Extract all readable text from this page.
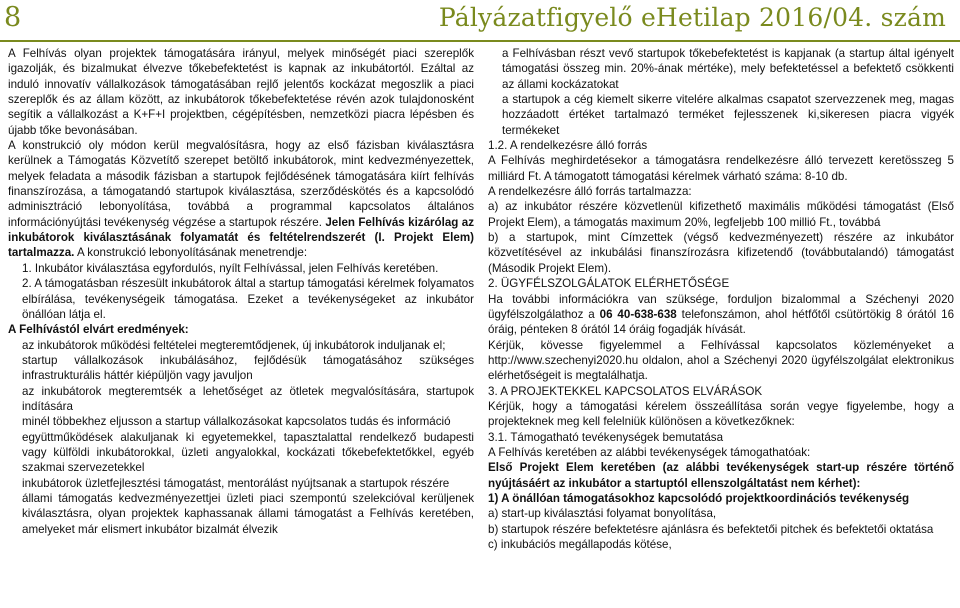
8	Pályázatfigyelő eHetilap 2016/04. szám

A Felhívás olyan projektek támogatására irányul, melyek minőségét piaci szereplők igazolják, és bizalmukat élvezve tőkebefektetést is kapnak az inkubátortól. Ezáltal az induló innovatív vállalkozások támogatásában rejlő jelentős kockázat megoszlik a piaci szereplők és az állam között, az inkubátorok tőkebefektetése révén azok tulajdonosként segítik a vállalkozást a K+F+I projektben, cégépítésben, nemzetközi piacra lépésben és újabb tőke bevonásában.

A konstrukció oly módon kerül megvalósításra, hogy az első fázisban kiválasztásra kerülnek a Támogatás Közvetítő szerepet betöltő inkubátorok, mint kedvezményezettek, melyek feladata a második fázisban a startupok fejlődésének támogatására kiírt felhívás finanszírozása, a támogatandó startupok kiválasztása, szerződéskötés és a kapcsolódó adminisztráció lebonyolítása, továbbá a programmal kapcsolatos általános információnyújtási tevékenység végzése a startupok részére. Jelen Felhívás kizárólag az inkubátorok kiválasztásának folyamatát és feltételrendszerét (I. Projekt Elem) tartalmazza. A konstrukció lebonyolításának menetrendje:

1. Inkubátor kiválasztása egyfordulós, nyílt Felhívással, jelen Felhívás keretében.

2. A támogatásban részesült inkubátorok által a startup támogatási kérelmek folyamatos elbírálása, tevékenységeik támogatása. Ezeket a tevékenységeket az inkubátor önállóan látja el.

A Felhívástól elvárt eredmények:

az inkubátorok működési feltételei megteremtődjenek, új inkubátorok induljanak el;

startup vállalkozások inkubálásához, fejlődésük támogatásához szükséges infrastrukturális háttér kiépüljön vagy javuljon

az inkubátorok megteremtsék a lehetőséget az ötletek megvalósítására, startupok indítására

minél többekhez eljusson a startup vállalkozásokat kapcsolatos tudás és információ

együttműködések alakuljanak ki egyetemekkel, tapasztalattal rendelkező budapesti vagy külföldi inkubátorokkal, üzleti angyalokkal, kockázati tőkebefektetőkkel, egyéb szakmai szervezetekkel

inkubátorok üzletfejlesztési támogatást, mentorálást nyújtsanak a startupok részére

állami támogatás kedvezményezettjei üzleti piaci szempontú szelekcióval kerüljenek kiválasztásra, olyan projektek kaphassanak állami támogatást a Felhívás keretében, amelyeket már elismert inkubátor bizalmát élvezik

a Felhívásban részt vevő startupok tőkebefektetést is kapjanak (a startup által igényelt támogatási összeg min. 20%-ának mértéke), mely befektetéssel a befektető csökkenti az állami kockázatokat

a startupok a cég kiemelt sikerre vitelére alkalmas csapatot szervezzenek meg, magas hozzáadott értéket tartalmazó terméket fejlesszenek ki,sikeresen piacra vigyék termékeket

1.2. A rendelkezésre álló forrás

A Felhívás meghirdetésekor a támogatásra rendelkezésre álló tervezett keretösszeg 5 milliárd Ft. A támogatott támogatási kérelmek várható száma: 8-10 db.

A rendelkezésre álló forrás tartalmazza:

a) az inkubátor részére közvetlenül kifizethető maximális működési támogatást (Első Projekt Elem), a támogatás maximum 20%, legfeljebb 100 millió Ft., továbbá

b) a startupok, mint Címzettek (végső kedvezményezett) részére az inkubátor közvetítésével az inkubálási finanszírozásra kifizetendő (továbbutalandó) támogatást (Második Projekt Elem).

2. ÜGYFÉLSZOLGÁLATOK ELÉRHETŐSÉGE

Ha további információkra van szüksége, forduljon bizalommal a Széchenyi 2020 ügyfélszolgálathoz a 06 40-638-638 telefonszámon, ahol hétfőtől csütörtökig 8 órától 16 óráig, pénteken 8 órától 14 óráig fogadják hívását.

Kérjük, kövesse figyelemmel a Felhívással kapcsolatos közleményeket a http://www.szechenyi2020.hu oldalon, ahol a Széchenyi 2020 ügyfélszolgálat elektronikus elérhetőségeit is megtalálhatja.

3. A PROJEKTEKKEL KAPCSOLATOS ELVÁRÁSOK

Kérjük, hogy a támogatási kérelem összeállítása során vegye figyelembe, hogy a projekteknek meg kell felelniük különösen a következőknek:

3.1. Támogatható tevékenységek bemutatása

A Felhívás keretében az alábbi tevékenységek támogathatóak:

Első Projekt Elem keretében (az alábbi tevékenységek start-up részére történő nyújtásáért az inkubátor a startuptól ellenszolgáltatást nem kérhet):

1) A önállóan támogatásokhoz kapcsolódó projektkoordinációs tevékenység

a) start-up kiválasztási folyamat bonyolítása,

b) startupok részére befektetésre ajánlásra és befektetői pitchek és befektetői oktatása

c) inkubációs megállapodás kötése,
